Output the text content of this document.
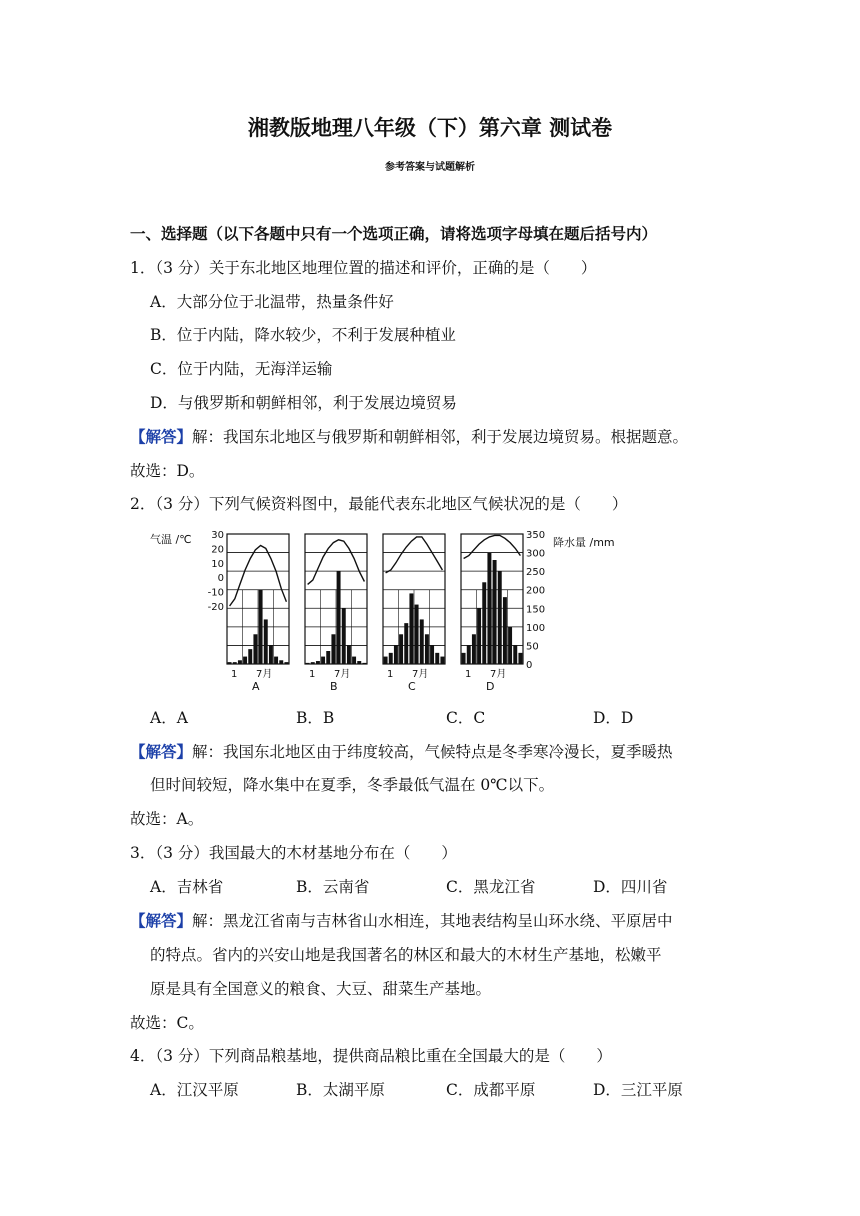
湘教版地理八年级（下）第六章 测试卷
参考答案与试题解析
一、选择题（以下各题中只有一个选项正确，请将选项字母填在题后括号内）
1．（3 分）关于东北地区地理位置的描述和评价，正确的是（　　）
A．大部分位于北温带，热量条件好
B．位于内陆，降水较少，不利于发展种植业
C．位于内陆，无海洋运输
D．与俄罗斯和朝鲜相邻，利于发展边境贸易
【解答】解：我国东北地区与俄罗斯和朝鲜相邻，利于发展边境贸易。根据题意。
故选：D。
2．（3 分）下列气候资料图中，最能代表东北地区气候状况的是（　　）
气温 /℃ 30
20
10
0
-10
-20
降水量 /mm
350
300
250
200
150
100
50
0
1 7月
A
1 7月
B
1 7月
C
1 7月
D
A．A	B．B	C．C	D．D
【解答】解：我国东北地区由于纬度较高，气候特点是冬季寒冷漫长，夏季暖热
但时间较短，降水集中在夏季，冬季最低气温在 0℃以下。
故选：A。
3．（3 分）我国最大的木材基地分布在（　　）
A．吉林省	B．云南省	C．黑龙江省	D．四川省
【解答】解：黑龙江省南与吉林省山水相连，其地表结构呈山环水绕、平原居中
的特点。省内的兴安山地是我国著名的林区和最大的木材生产基地，松嫩平
原是具有全国意义的粮食、大豆、甜菜生产基地。
故选：C。
4．（3 分）下列商品粮基地，提供商品粮比重在全国最大的是（　　）
A．江汉平原	B．太湖平原	C．成都平原	D．三江平原
